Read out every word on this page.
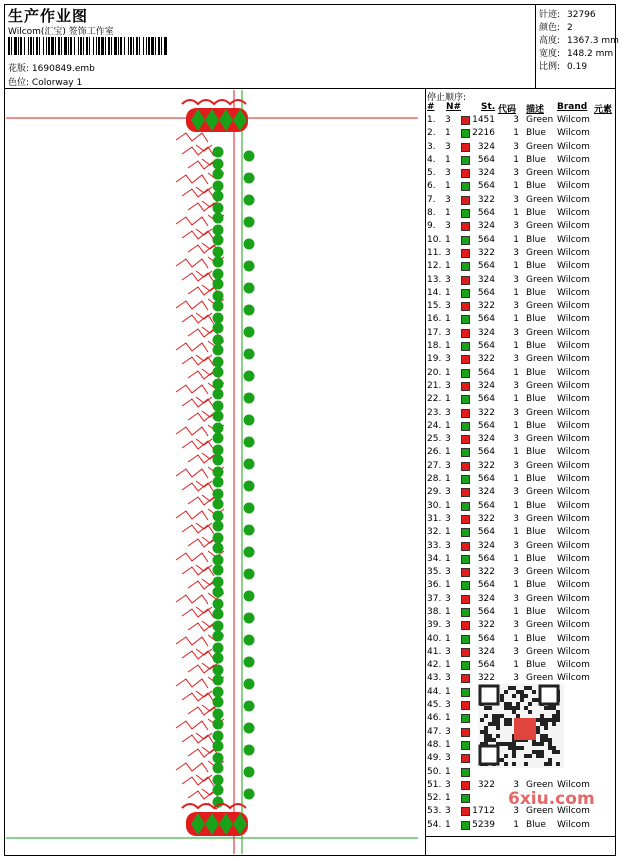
生产作业图
Wilcom(汇宝) 签饰工作室
花版: 1690849.emb
色位: Colorway 1
针迹: 32796
颜色: 2
高度: 1367.3 mm
宽度: 148.2 mm
比例: 0.19
停止顺序:
# N# St. 代码 描述 Brand 元素
1. 3 1451 3 Green Wilcom
2. 1 2216 1 Blue Wilcom
3. 3	324 3 Green Wilcom
4. 1	564 1 Blue Wilcom
5. 3	324 3 Green Wilcom
6. 1	564 1 Blue Wilcom
7. 3	322 3 Green Wilcom
8. 1	564 1 Blue Wilcom
9. 3	324 3 Green Wilcom
10. 1	564 1 Blue Wilcom
11. 3	322 3 Green Wilcom
12. 1	564 1 Blue Wilcom
13. 3	324 3 Green Wilcom
14. 1	564 1 Blue Wilcom
15. 3	322 3 Green Wilcom
16. 1	564 1 Blue Wilcom
17. 3	324 3 Green Wilcom
18. 1	564 1 Blue Wilcom
19. 3	322 3 Green Wilcom
20. 1	564 1 Blue Wilcom
21. 3	324 3 Green Wilcom
22. 1	564 1 Blue Wilcom
23. 3	322 3 Green Wilcom
24. 1	564 1 Blue Wilcom
25. 3	324 3 Green Wilcom
26. 1	564 1 Blue Wilcom
27. 3	322 3 Green Wilcom
28. 1	564 1 Blue Wilcom
29. 3	324 3 Green Wilcom
30. 1	564 1 Blue Wilcom
31. 3	322 3 Green Wilcom
32. 1	564 1 Blue Wilcom
33. 3	324 3 Green Wilcom
34. 1	564 1 Blue Wilcom
35. 3	322 3 Green Wilcom
36. 1	564 1 Blue Wilcom
37. 3	324 3 Green Wilcom
38. 1	564 1 Blue Wilcom
39. 3	322 3 Green Wilcom
40. 1	564 1 Blue Wilcom
41. 3	324 3 Green Wilcom
42. 1	564 1 Blue Wilcom
43. 3	322 3 Green Wilcom
44. 1
45. 3
46. 1
47. 3
48. 1
49. 3
50. 1
51. 3	322 3 Green Wilcom
52. 1
53. 3 1712 3 Green Wilcom
54. 1 5239 1 Blue Wilcom
6xiu.com
